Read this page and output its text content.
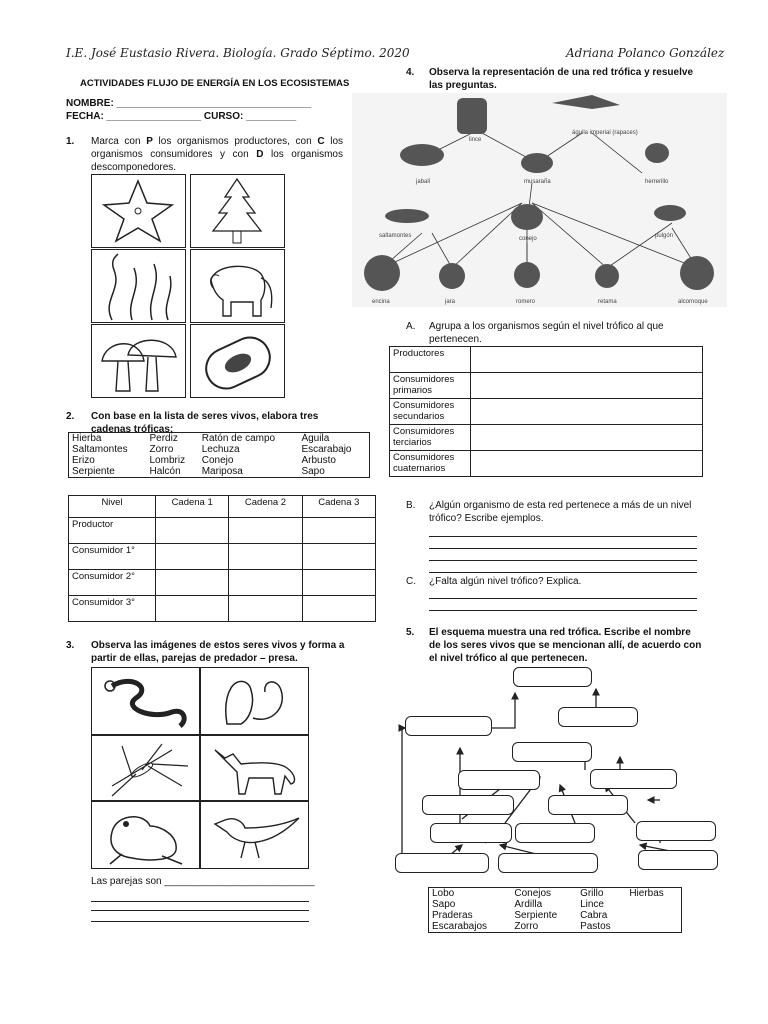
I.E. José Eustasio Rivera. Biología. Grado Séptimo. 2020	Adriana Polanco González
ACTIVIDADES FLUJO DE ENERGÍA EN LOS ECOSISTEMAS
NOMBRE: ___________________________________
FECHA: _________________ CURSO: _________
1. Marca con P los organismos productores, con C los organismos consumidores y con D los organismos descomponedores.
2. Con base en la lista de seres vivos, elabora tres cadenas tróficas:
Hierba	Perdiz	Ratón de campo	Águila
Saltamontes	Zorro	Lechuza	Escarabajo
Erizo	Lombriz	Conejo	Arbusto
Serpiente	Halcón	Mariposa	Sapo
Nivel	Cadena 1	Cadena 2	Cadena 3
Productor			
Consumidor 1°			
Consumidor 2°			
Consumidor 3°			
3. Observa las imágenes de estos seres vivos y forma a partir de ellas, parejas de predador – presa.
Las parejas son ___________________________
4. Observa la representación de una red trófica y resuelve las preguntas.
lince
águila imperial (rapaces)
jabalí	musaraña	herrerillo
saltamontes	conejo	pulgón
encina	jara	romero	retama	alcornoque
A. Agrupa a los organismos según el nivel trófico al que pertenecen.
Productores	
Consumidores primarios	
Consumidores secundarios	
Consumidores terciarios	
Consumidores cuaternarios	
B. ¿Algún organismo de esta red pertenece a más de un nivel trófico? Escribe ejemplos.
C. ¿Falta algún nivel trófico? Explica.
5. El esquema muestra una red trófica. Escribe el nombre de los seres vivos que se mencionan allí, de acuerdo con el nivel trófico al que pertenecen.
Lobo	Conejos	Grillo	Hierbas
Sapo	Ardilla	Lince	
Praderas	Serpiente	Cabra	
Escarabajos	Zorro	Pastos	
